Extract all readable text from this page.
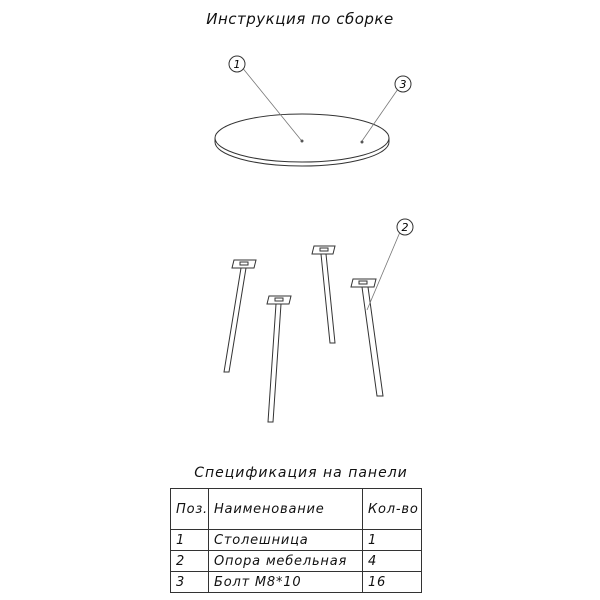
Инструкция по сборке
1
3
2
Спецификация на панели
Поз.	Наименование	Кол-во
1	Столешница	1
2	Опора мебельная	4
3	Болт М8*10	16
